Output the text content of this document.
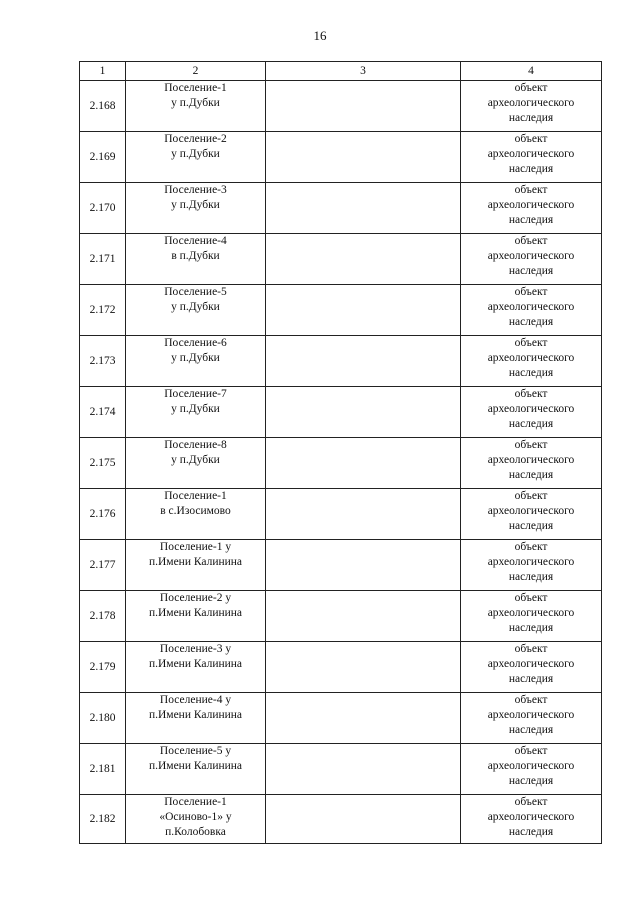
16
1	2	3	4
2.168	Поселение-1
у п.Дубки		объект
археологического
наследия
2.169	Поселение-2
у п.Дубки		объект
археологического
наследия
2.170	Поселение-3
у п.Дубки		объект
археологического
наследия
2.171	Поселение-4
в п.Дубки		объект
археологического
наследия
2.172	Поселение-5
у п.Дубки		объект
археологического
наследия
2.173	Поселение-6
у п.Дубки		объект
археологического
наследия
2.174	Поселение-7
у п.Дубки		объект
археологического
наследия
2.175	Поселение-8
у п.Дубки		объект
археологического
наследия
2.176	Поселение-1
в с.Изосимово		объект
археологического
наследия
2.177	Поселение-1 у
п.Имени Калинина		объект
археологического
наследия
2.178	Поселение-2 у
п.Имени Калинина		объект
археологического
наследия
2.179	Поселение-3 у
п.Имени Калинина		объект
археологического
наследия
2.180	Поселение-4 у
п.Имени Калинина		объект
археологического
наследия
2.181	Поселение-5 у
п.Имени Калинина		объект
археологического
наследия
2.182	Поселение-1
«Осиново-1» у
п.Колобовка		объект
археологического
наследия
